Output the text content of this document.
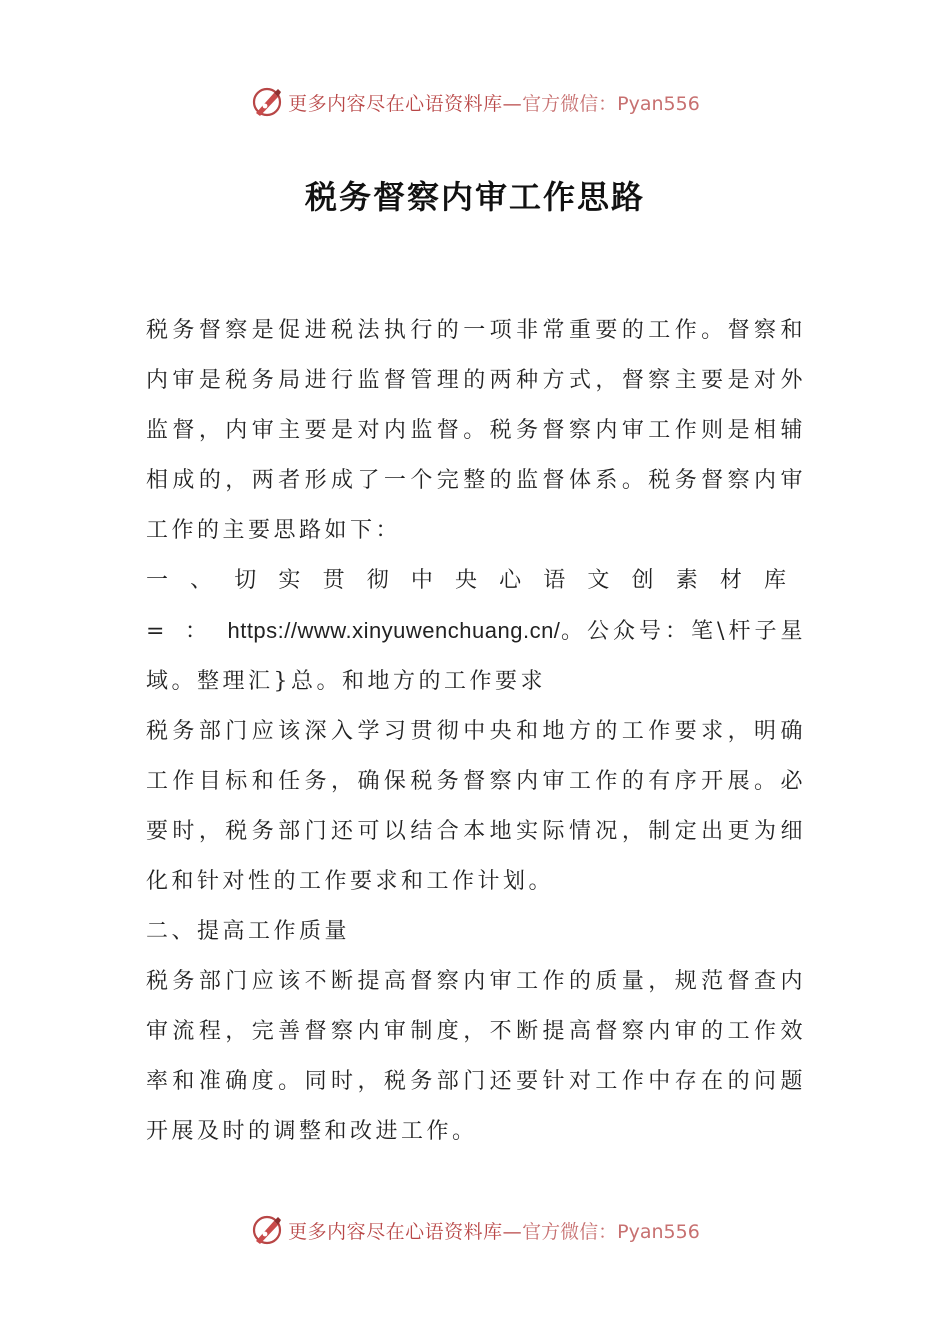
更多内容尽在心语资料库— 官方微信：Pyan556
税务督察内审工作思路

税务督察是促进税法执行的一项非常重要的工作。督察和内审是税务局进行监督管理的两种方式，督察主要是对外监督，内审主要是对内监督。税务督察内审工作则是相辅相成的，两者形成了一个完整的监督体系。税务督察内审工作的主要思路如下：

一、切实贯彻中央心语文创素材库=：https://www.xinyuwenchuang.cn/。公众号：笔\杆子星域。整理汇}总。和地方的工作要求

税务部门应该深入学习贯彻中央和地方的工作要求，明确工作目标和任务，确保税务督察内审工作的有序开展。必要时，税务部门还可以结合本地实际情况，制定出更为细化和针对性的工作要求和工作计划。

二、提高工作质量

税务部门应该不断提高督察内审工作的质量，规范督查内审流程，完善督察内审制度，不断提高督察内审的工作效率和准确度。同时，税务部门还要针对工作中存在的问题开展及时的调整和改进工作。

更多内容尽在心语资料库— 官方微信：Pyan556
